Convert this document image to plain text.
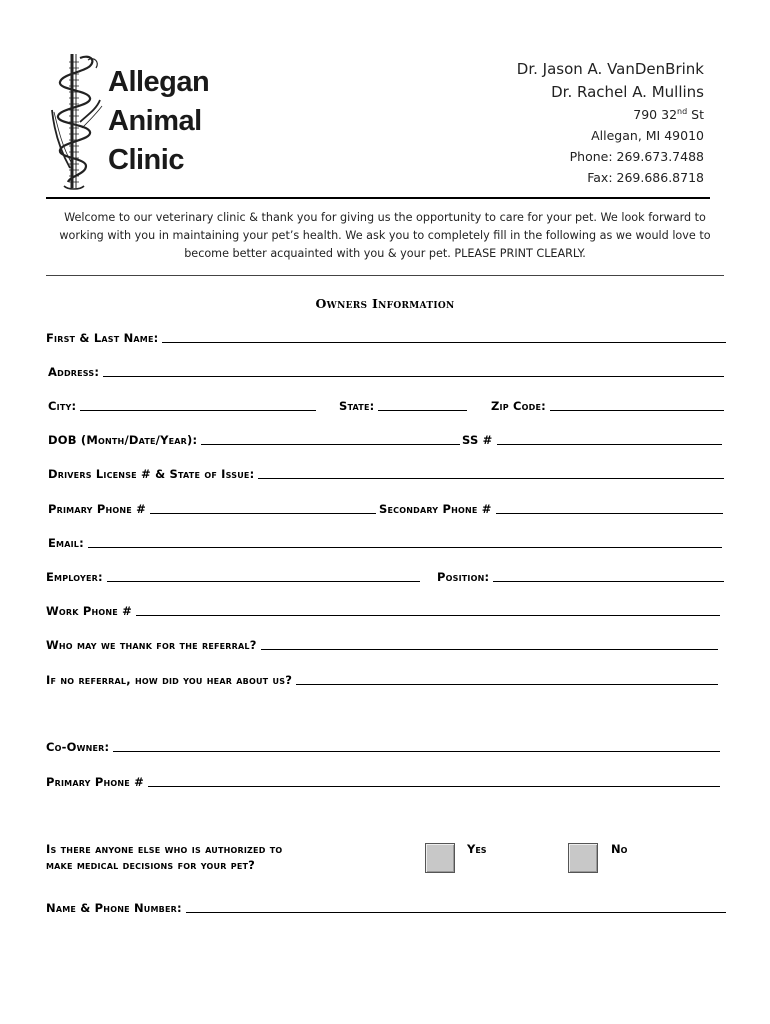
Allegan
Animal
Clinic
Dr. Jason A. VanDenBrink
Dr. Rachel A. Mullins
790 32nd St
Allegan, MI 49010
Phone: 269.673.7488
Fax: 269.686.8718
Welcome to our veterinary clinic & thank you for giving us the opportunity to care for your pet. We look forward to working with you in maintaining your pet’s health. We ask you to completely fill in the following as we would love to become better acquainted with you & your pet. PLEASE PRINT CLEARLY.
Owners Information
First & Last Name:
Address:
City:	State:	Zip Code:
DOB (Month/Date/Year):	SS #
Drivers License # & State of Issue:
Primary Phone #	Secondary Phone #
Email:
Employer:	Position:
Work Phone #
Who may we thank for the referral?
If no referral, how did you hear about us?
Co-Owner:
Primary Phone #
Is there anyone else who is authorized to
make medical decisions for your pet?
Yes	No
Name & Phone Number:
